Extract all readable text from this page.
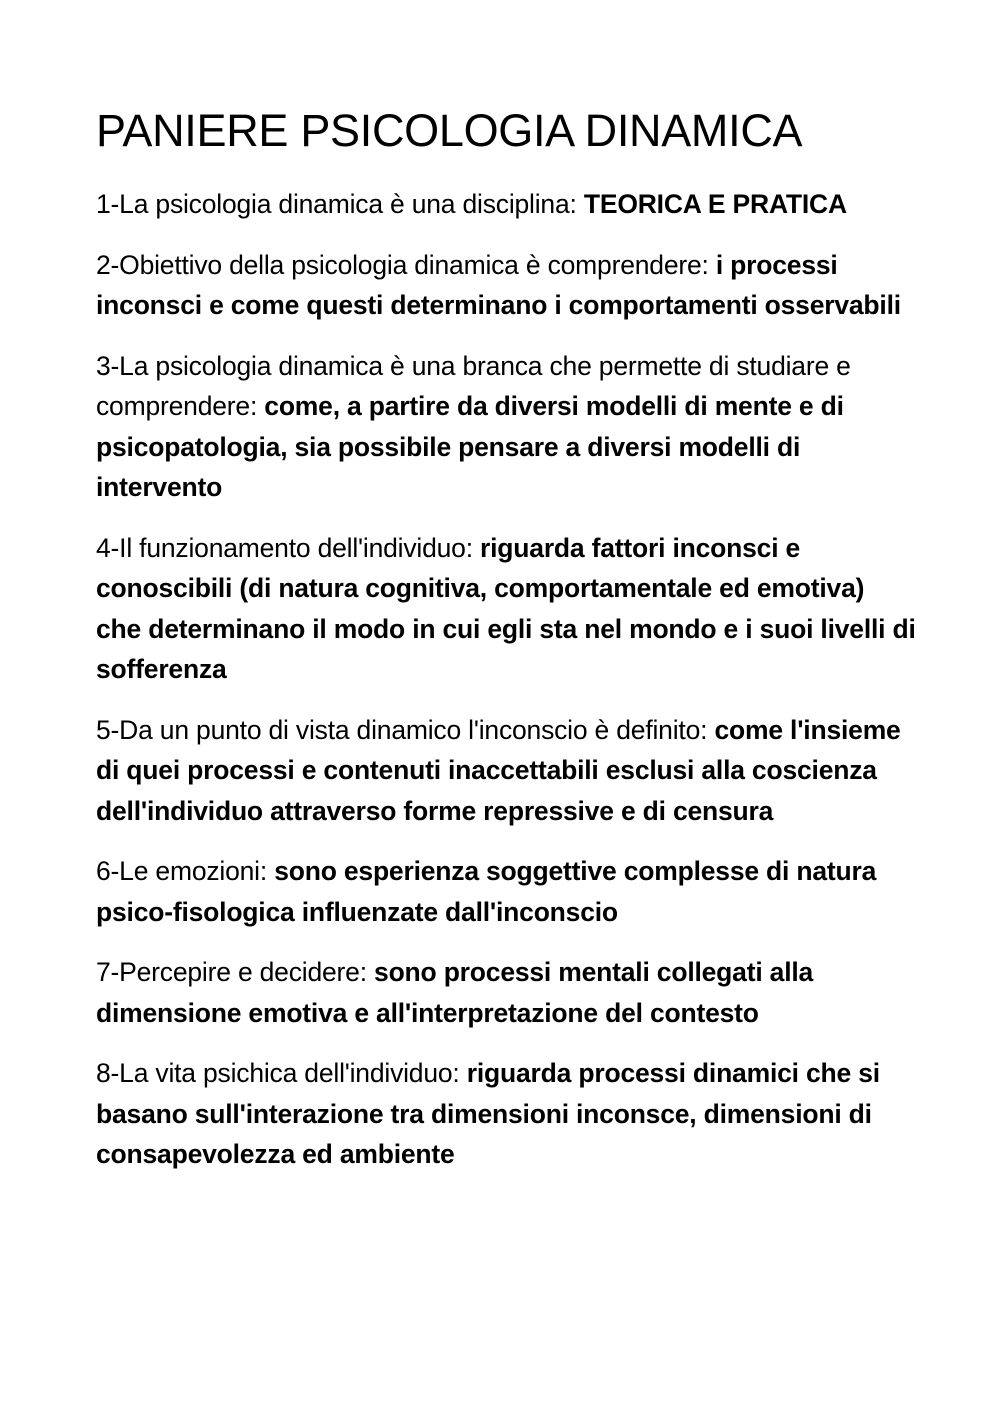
PANIERE PSICOLOGIA DINAMICA

1-La psicologia dinamica è una disciplina: TEORICA E PRATICA

2-Obiettivo della psicologia dinamica è comprendere: i processi inconsci e come questi determinano i comportamenti osservabili

3-La psicologia dinamica è una branca che permette di studiare e comprendere: come, a partire da diversi modelli di mente e di psicopatologia, sia possibile pensare a diversi modelli di intervento

4-Il funzionamento dell'individuo: riguarda fattori inconsci e conoscibili (di natura cognitiva, comportamentale ed emotiva) che determinano il modo in cui egli sta nel mondo e i suoi livelli di sofferenza

5-Da un punto di vista dinamico l'inconscio è definito: come l'insieme di quei processi e contenuti inaccettabili esclusi alla coscienza dell'individuo attraverso forme repressive e di censura

6-Le emozioni: sono esperienza soggettive complesse di natura psico-fisologica influenzate dall'inconscio

7-Percepire e decidere: sono processi mentali collegati alla dimensione emotiva e all'interpretazione del contesto

8-La vita psichica dell'individuo: riguarda processi dinamici che si basano sull'interazione tra dimensioni inconsce, dimensioni di consapevolezza ed ambiente
